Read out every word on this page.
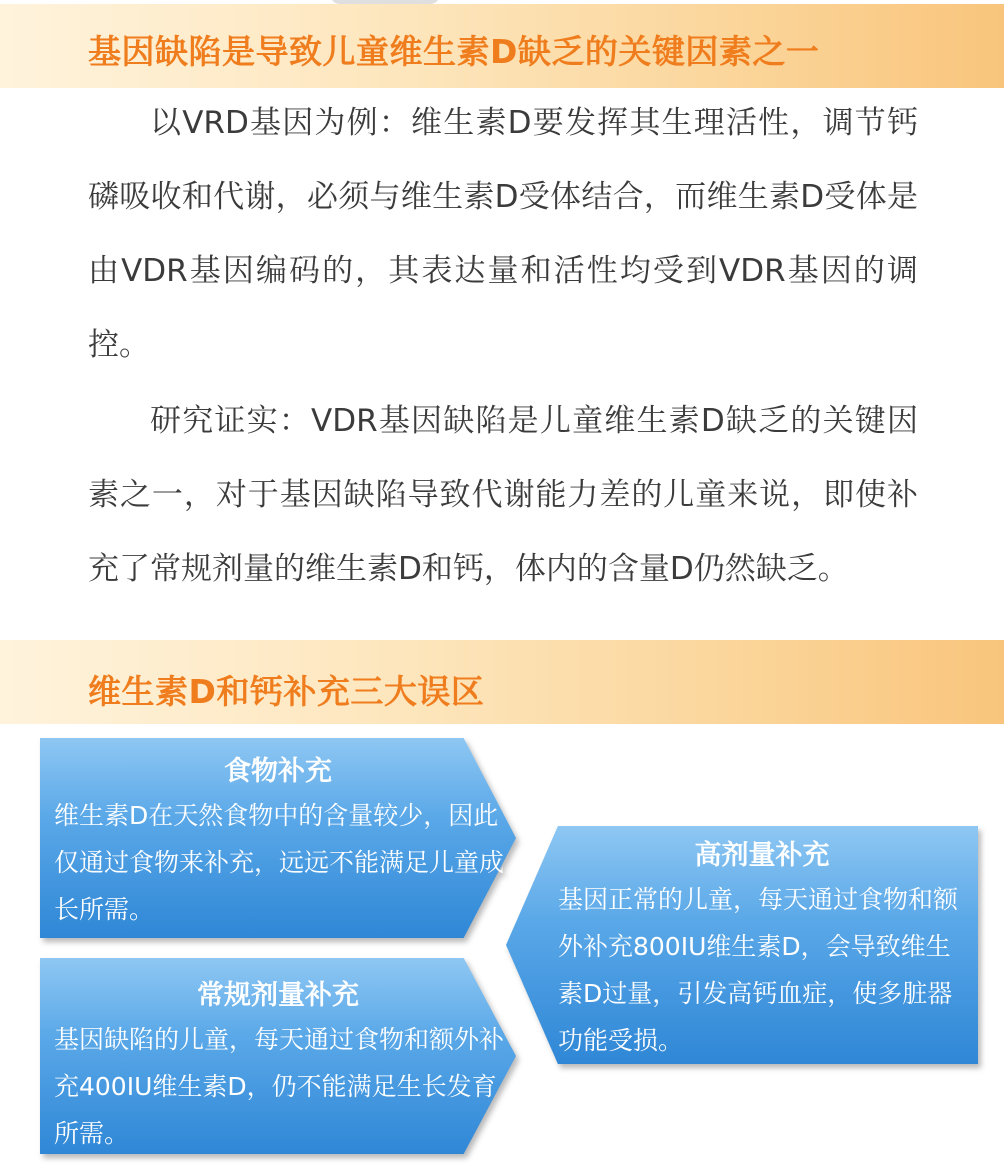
基因缺陷是导致儿童维生素D缺乏的关键因素之一
以VRD基因为例：维生素D要发挥其生理活性，调节钙磷吸收和代谢，必须与维生素D受体结合，而维生素D受体是由VDR基因编码的，其表达量和活性均受到VDR基因的调控。
研究证实：VDR基因缺陷是儿童维生素D缺乏的关键因素之一，对于基因缺陷导致代谢能力差的儿童来说，即使补充了常规剂量的维生素D和钙，体内的含量D仍然缺乏。
维生素D和钙补充三大误区
食物补充
维生素D在天然食物中的含量较少，因此仅通过食物来补充，远远不能满足儿童成长所需。
常规剂量补充
基因缺陷的儿童，每天通过食物和额外补充400IU维生素D，仍不能满足生长发育所需。
高剂量补充
基因正常的儿童，每天通过食物和额外补充800IU维生素D，会导致维生素D过量，引发高钙血症，使多脏器功能受损。
